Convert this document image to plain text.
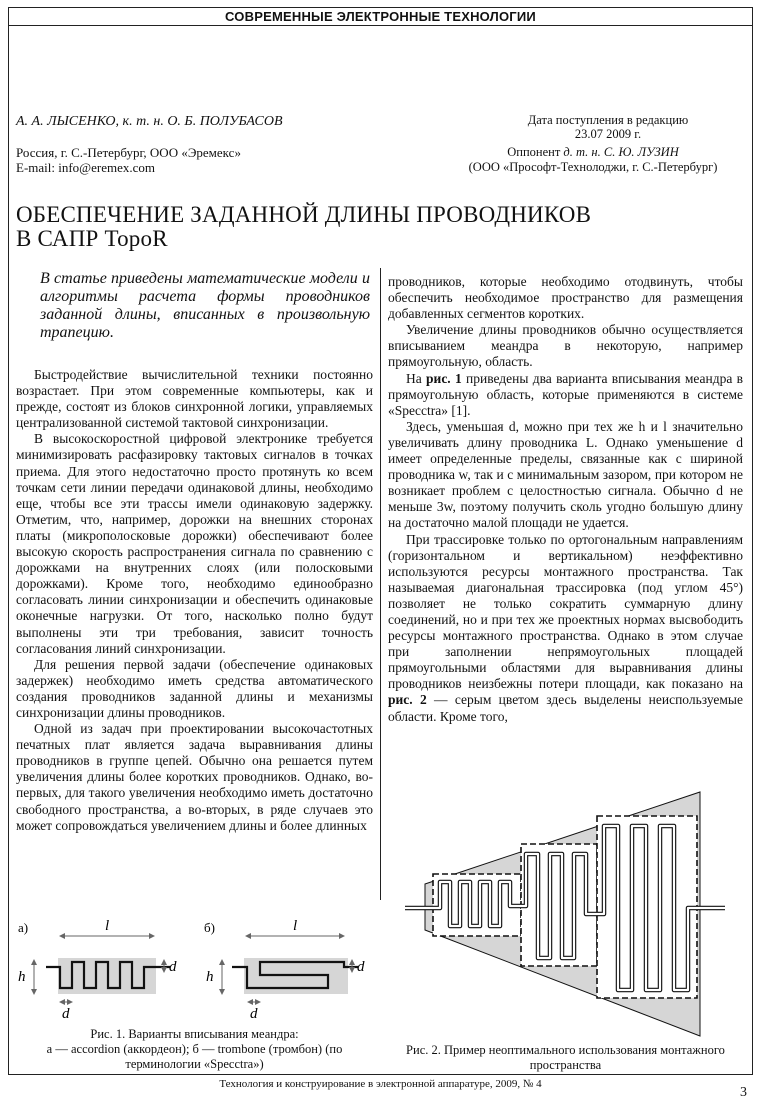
СОВРЕМЕННЫЕ ЭЛЕКТРОННЫЕ ТЕХНОЛОГИИ
А. А. ЛЫСЕНКО, к. т. н. О. Б. ПОЛУБАСОВ
Россия, г. С.-Петербург, ООО «Эремекс»
E-mail: info@eremex.com
Дата поступления в редакцию
23.07 2009 г.
Оппонент д. т. н. С. Ю. ЛУЗИН
(ООО «Прософт-Технолоджи, г. С.-Петербург)
ОБЕСПЕЧЕНИЕ ЗАДАННОЙ ДЛИНЫ ПРОВОДНИКОВ
В САПР TopoR
В статье приведены математические модели и алгоритмы расчета формы проводников заданной длины, вписанных в произвольную трапецию.

Быстродействие вычислительной техники постоянно возрастает. При этом современные компьютеры, как и прежде, состоят из блоков синхронной логики, управляемых централизованной системой тактовой синхронизации.

В высокоскоростной цифровой электронике требуется минимизировать расфазировку тактовых сигналов в точках приема. Для этого недостаточно просто протянуть ко всем точкам сети линии передачи одинаковой длины, необходимо еще, чтобы все эти трассы имели одинаковую задержку. Отметим, что, например, дорожки на внешних сторонах платы (микрополосковые дорожки) обеспечивают более высокую скорость распространения сигнала по сравнению с дорожками на внутренних слоях (или полосковыми дорожками). Кроме того, необходимо единообразно согласовать линии синхронизации и обеспечить одинаковые оконечные нагрузки. От того, насколько полно будут выполнены эти три требования, зависит точность согласования линий синхронизации.

Для решения первой задачи (обеспечение одинаковых задержек) необходимо иметь средства автоматического создания проводников заданной длины и механизмы синхронизации длины проводников.

Одной из задач при проектировании высокочастотных печатных плат является задача выравнивания длины проводников в группе цепей. Обычно она решается путем увеличения длины более коротких проводников. Однако, во-первых, для такого увеличения необходимо иметь достаточно свободного пространства, а во-вторых, в ряде случаев это может сопровождаться увеличением длины и более длинных

проводников, которые необходимо отодвинуть, чтобы обеспечить необходимое пространство для размещения добавленных сегментов коротких.

Увеличение длины проводников обычно осуществляется вписыванием меандра в некоторую, например прямоугольную, область.

На рис. 1 приведены два варианта вписывания меандра в прямоугольную область, которые применяются в системе «Specctra» [1].

Здесь, уменьшая d, можно при тех же h и l значительно увеличивать длину проводника L. Однако уменьшение d имеет определенные пределы, связанные как с шириной проводника w, так и с минимальным зазором, при котором не возникает проблем с целостностью сигнала. Обычно d не меньше 3w, поэтому получить сколь угодно большую длину на достаточно малой площади не удается.

При трассировке только по ортогональным направлениям (горизонтальном и вертикальном) неэффективно используются ресурсы монтажного пространства. Так называемая диагональная трассировка (под углом 45°) позволяет не только сократить суммарную длину соединений, но и при тех же проектных нормах высвободить ресурсы монтажного пространства. Однако в этом случае при заполнении непрямоугольных площадей прямоугольными областями для выравнивания длины проводников неизбежны потери площади, как показано на рис. 2 — серым цветом здесь выделены неиспользуемые области. Кроме того,

а)	l
h
d
d
б)	l
h
d
d
Рис. 1. Варианты вписывания меандра:
а — accordion (аккордеон); б — trombone (тромбон) (по терминологии «Specctra»)
Рис. 2. Пример неоптимального использования монтажного пространства
Технология и конструирование в электронной аппаратуре, 2009, № 4
3
